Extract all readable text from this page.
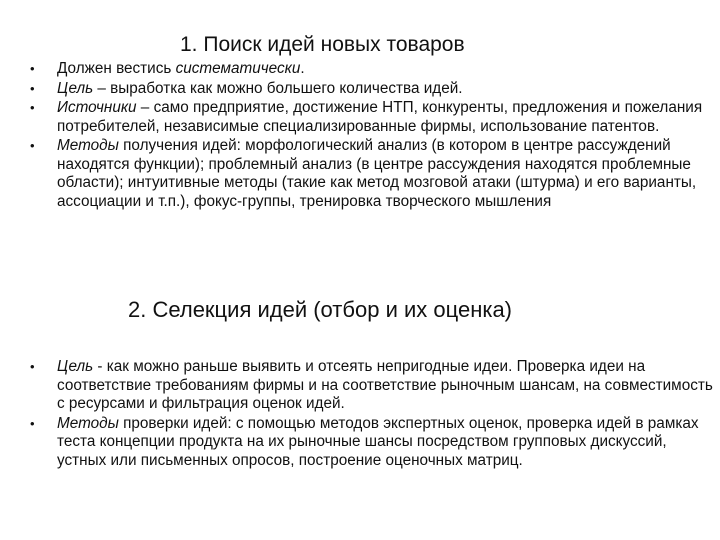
1. Поиск идей новых товаров
•	Должен вестись систематически.
•	Цель – выработка как можно большего количества идей.
•	Источники – само предприятие, достижение НТП, конкуренты, предложения и пожелания потребителей, независимые специализированные фирмы, использование патентов.
•	Методы получения идей: морфологический анализ (в котором в центре рассуждений находятся функции); проблемный анализ (в центре рассуждения находятся проблемные области); интуитивные методы (такие как метод мозговой атаки (штурма) и его варианты, ассоциации и т.п.), фокус-группы, тренировка творческого мышления
2. Селекция идей (отбор и их оценка)
•	Цель - как можно раньше выявить и отсеять непригодные идеи. Проверка идеи на соответствие требованиям фирмы и на соответствие рыночным шансам, на совместимость с ресурсами и фильтрация оценок идей.
•	Методы проверки идей: с помощью методов экспертных оценок, проверка идей в рамках теста концепции продукта на их рыночные шансы посредством групповых дискуссий, устных или письменных опросов, построение оценочных матриц.
